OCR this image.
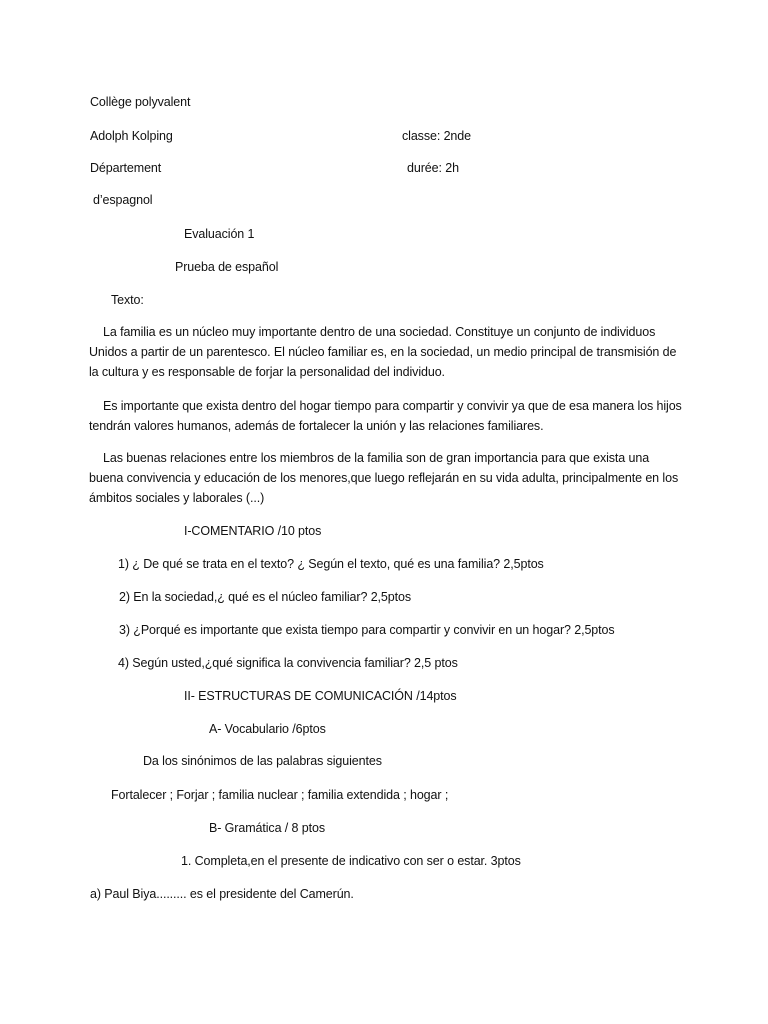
Collège polyvalent
Adolph Kolping	classe: 2nde
Département	durée: 2h
d’espagnol
Evaluación 1
Prueba de español
Texto:
La familia es un núcleo muy importante dentro de una sociedad. Constituye un conjunto de individuos Unidos a partir de un parentesco. El núcleo familiar es, en la sociedad, un medio principal de transmisión de la cultura y es responsable de forjar la personalidad del individuo.
Es importante que exista dentro del hogar tiempo para compartir y convivir ya que de esa manera los hijos tendrán valores humanos, además de fortalecer la unión y las relaciones familiares.
Las buenas relaciones entre los miembros de la familia son de gran importancia para que exista una buena convivencia y educación de los menores,que luego reflejarán en su vida adulta, principalmente en los ámbitos sociales y laborales (...)
I-COMENTARIO /10 ptos
1) ¿ De qué se trata en el texto? ¿ Según el texto, qué es una familia? 2,5ptos
2) En la sociedad,¿ qué es el núcleo familiar? 2,5ptos
3) ¿Porqué es importante que exista tiempo para compartir y convivir en un hogar? 2,5ptos
4) Según usted,¿qué significa la convivencia familiar? 2,5 ptos
II- ESTRUCTURAS DE COMUNICACIÓN /14ptos
A- Vocabulario /6ptos
Da los sinónimos de las palabras siguientes
Fortalecer ; Forjar ; familia nuclear ; familia extendida ; hogar ;
B- Gramática / 8 ptos
1. Completa,en el presente de indicativo con ser o estar. 3ptos
a) Paul Biya......... es el presidente del Camerún.
